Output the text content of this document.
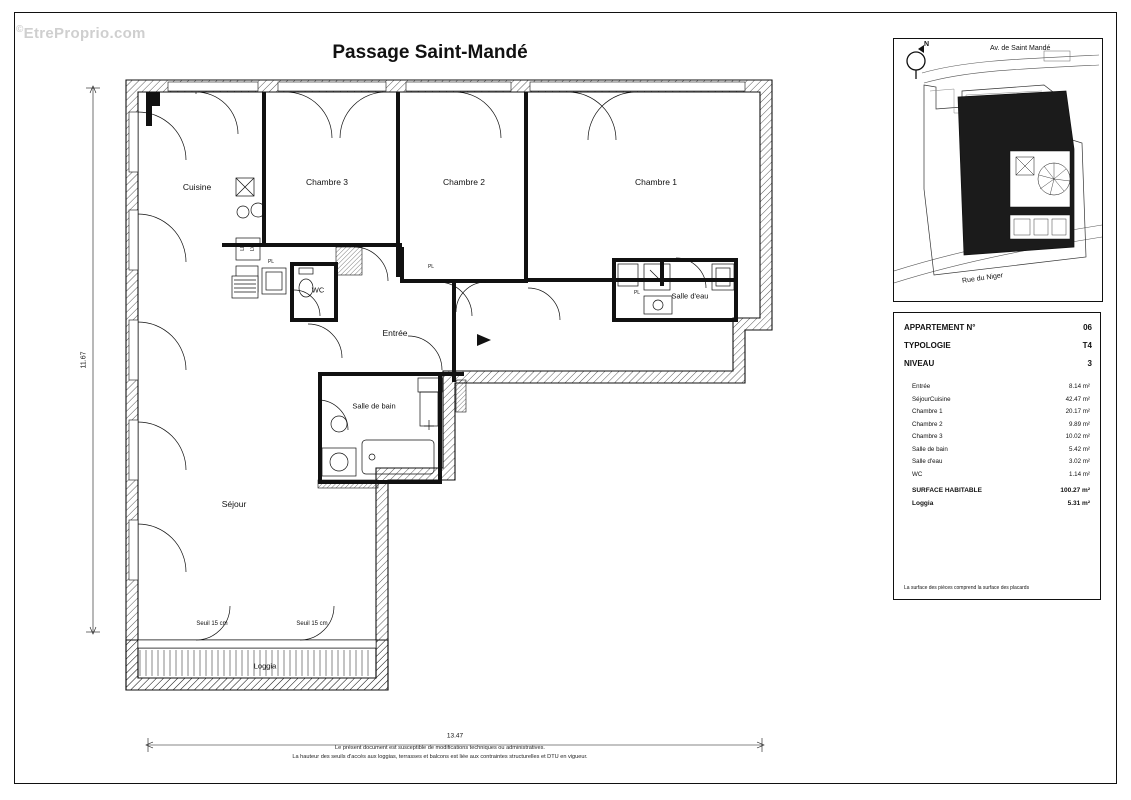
©EtreProprio.com
Passage Saint-Mandé
Cuisine	Chambre 3	Chambre 2	Chambre 1
WC
Salle d'eau
Entrée
Salle de bain
Séjour
Loggia
Seuil 15 cm	Seuil 15 cm
LL LV
PL
PL
PL
11.67
13.47
N
Av. de Saint Mandé
Rue du Niger
APPARTEMENT N°	06
TYPOLOGIE	T4
NIVEAU	3
Entrée	8.14 m²
SéjourCuisine	42.47 m²
Chambre 1	20.17 m²
Chambre 2	9.89 m²
Chambre 3	10.02 m²
Salle de bain	5.42 m²
Salle d'eau	3.02 m²
WC	1.14 m²
SURFACE HABITABLE	100.27 m²
Loggia	5.31 m²
La surface des pièces comprend la surface des placards
Le présent document est susceptible de modifications techniques ou administratives.
La hauteur des seuils d'accès aux loggias, terrasses et balcons est liée aux contraintes structurelles et DTU en vigueur.
